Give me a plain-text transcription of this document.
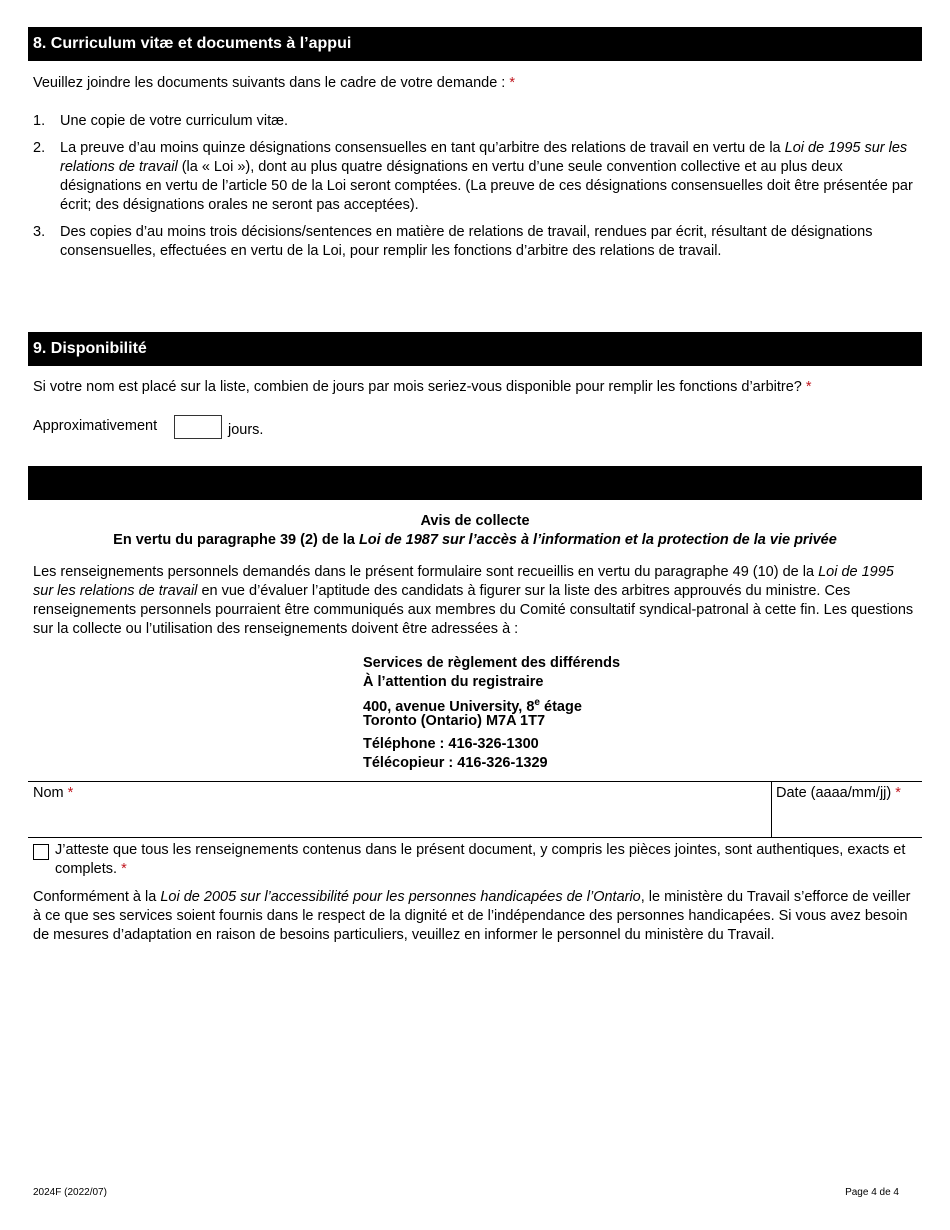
8. Curriculum vitæ et documents à l’appui
Veuillez joindre les documents suivants dans le cadre de votre demande : *
1. Une copie de votre curriculum vitæ.
2. La preuve d’au moins quinze désignations consensuelles en tant qu’arbitre des relations de travail en vertu de la Loi de 1995 sur les relations de travail (la « Loi »), dont au plus quatre désignations en vertu d’une seule convention collective et au plus deux désignations en vertu de l’article 50 de la Loi seront comptées. (La preuve de ces désignations consensuelles doit être présentée par écrit; des désignations orales ne seront pas acceptées).
3. Des copies d’au moins trois décisions/sentences en matière de relations de travail, rendues par écrit, résultant de désignations consensuelles, effectuées en vertu de la Loi, pour remplir les fonctions d’arbitre des relations de travail.
9. Disponibilité
Si votre nom est placé sur la liste, combien de jours par mois seriez-vous disponible pour remplir les fonctions d’arbitre? *
Approximativement	jours.
Avis de collecte
En vertu du paragraphe 39 (2) de la Loi de 1987 sur l’accès à l’information et la protection de la vie privée
Les renseignements personnels demandés dans le présent formulaire sont recueillis en vertu du paragraphe 49 (10) de la Loi de 1995 sur les relations de travail en vue d’évaluer l’aptitude des candidats à figurer sur la liste des arbitres approuvés du ministre. Ces renseignements personnels pourraient être communiqués aux membres du Comité consultatif syndical-patronal à cette fin. Les questions sur la collecte ou l’utilisation des renseignements doivent être adressées à :
Services de règlement des différends
À l’attention du registraire
400, avenue University, 8e étage
Toronto (Ontario) M7A 1T7
Téléphone : 416-326-1300
Télécopieur : 416-326-1329
Nom *	Date (aaaa/mm/jj) *
J’atteste que tous les renseignements contenus dans le présent document, y compris les pièces jointes, sont authentiques, exacts et complets. *
Conformément à la Loi de 2005 sur l’accessibilité pour les personnes handicapées de l’Ontario, le ministère du Travail s’efforce de veiller à ce que ses services soient fournis dans le respect de la dignité et de l’indépendance des personnes handicapées. Si vous avez besoin de mesures d’adaptation en raison de besoins particuliers, veuillez en informer le personnel du ministère du Travail.
2024F (2022/07)	Page 4 de 4
